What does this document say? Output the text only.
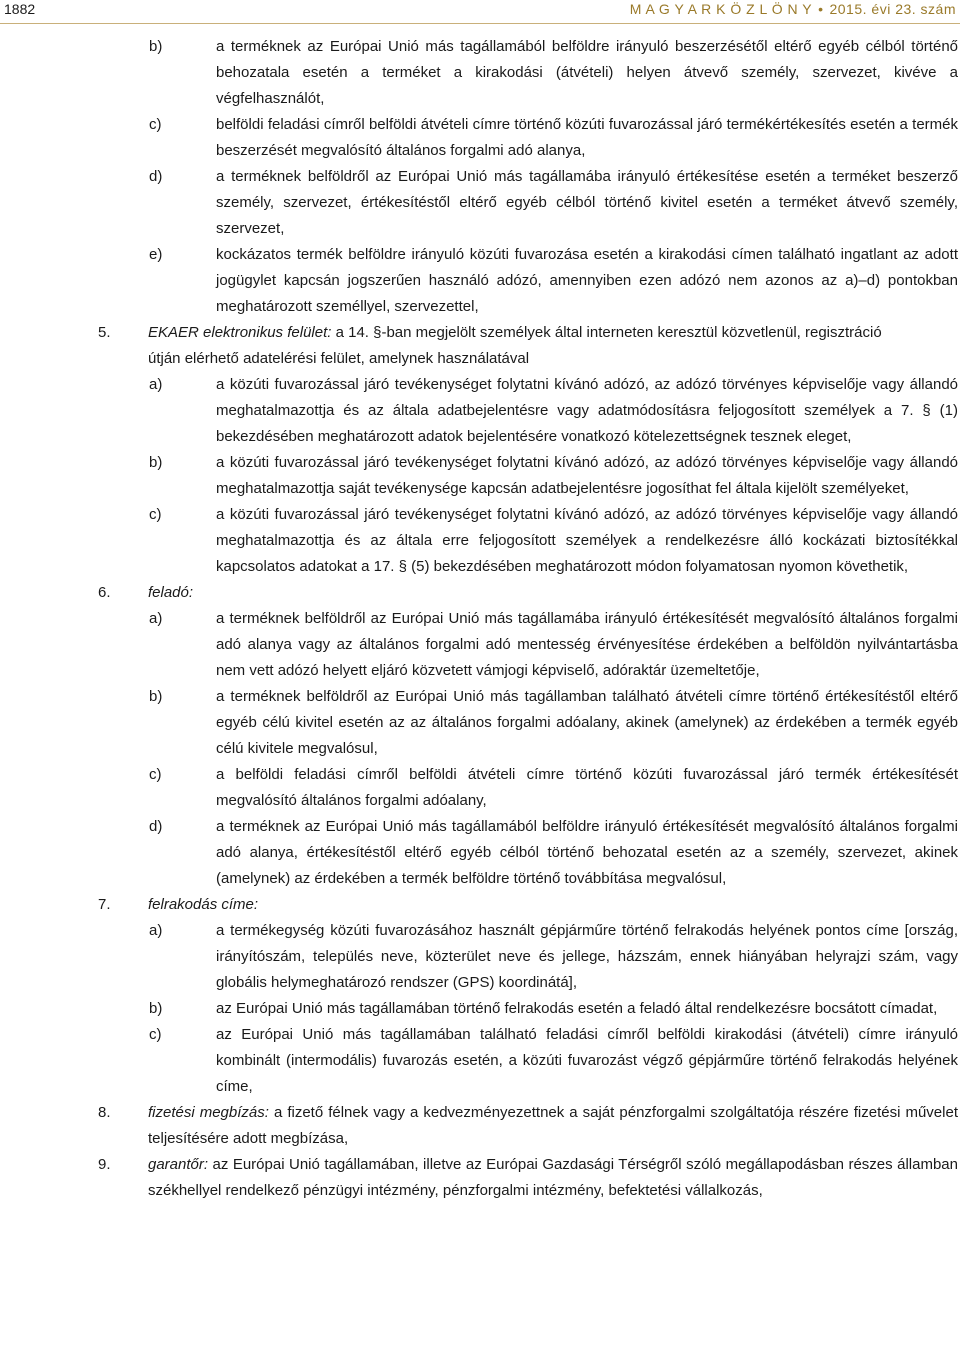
1882	M A G Y A R K Ö Z L Ö N Y • 2015. évi 23. szám
b)	a terméknek az Európai Unió más tagállamából belföldre irányuló beszerzésétől eltérő egyéb célból történő behozatala esetén a terméket a kirakodási (átvételi) helyen átvevő személy, szervezet, kivéve a végfelhasználót,
c)	belföldi feladási címről belföldi átvételi címre történő közúti fuvarozással járó termékértékesítés esetén a termék beszerzését megvalósító általános forgalmi adó alanya,
d)	a terméknek belföldről az Európai Unió más tagállamába irányuló értékesítése esetén a terméket beszerző személy, szervezet, értékesítéstől eltérő egyéb célból történő kivitel esetén a terméket átvevő személy, szervezet,
e)	kockázatos termék belföldre irányuló közúti fuvarozása esetén a kirakodási címen található ingatlant az adott jogügylet kapcsán jogszerűen használó adózó, amennyiben ezen adózó nem azonos az a)–d) pontokban meghatározott személlyel, szervezettel,
5.	EKAER elektronikus felület: a 14. §-ban megjelölt személyek által interneten keresztül közvetlenül, regisztráció
útján elérhető adatelérési felület, amelynek használatával
a)	a közúti fuvarozással járó tevékenységet folytatni kívánó adózó, az adózó törvényes képviselője vagy állandó meghatalmazottja és az általa adatbejelentésre vagy adatmódosításra feljogosított személyek a 7. § (1) bekezdésében meghatározott adatok bejelentésére vonatkozó kötelezettségnek tesznek eleget,
b)	a közúti fuvarozással járó tevékenységet folytatni kívánó adózó, az adózó törvényes képviselője vagy állandó meghatalmazottja saját tevékenysége kapcsán adatbejelentésre jogosíthat fel általa kijelölt személyeket,
c)	a közúti fuvarozással járó tevékenységet folytatni kívánó adózó, az adózó törvényes képviselője vagy állandó meghatalmazottja és az általa erre feljogosított személyek a rendelkezésre álló kockázati biztosítékkal kapcsolatos adatokat a 17. § (5) bekezdésében meghatározott módon folyamatosan nyomon követhetik,
6. feladó:
a)	a terméknek belföldről az Európai Unió más tagállamába irányuló értékesítését megvalósító általános forgalmi adó alanya vagy az általános forgalmi adó mentesség érvényesítése érdekében a belföldön nyilvántartásba nem vett adózó helyett eljáró közvetett vámjogi képviselő, adóraktár üzemeltetője,
b)	a terméknek belföldről az Európai Unió más tagállamban található átvételi címre történő értékesítéstől eltérő egyéb célú kivitel esetén az az általános forgalmi adóalany, akinek (amelynek) az érdekében a termék egyéb célú kivitele megvalósul,
c)	a belföldi feladási címről belföldi átvételi címre történő közúti fuvarozással járó termék értékesítését megvalósító általános forgalmi adóalany,
d)	a terméknek az Európai Unió más tagállamából belföldre irányuló értékesítését megvalósító általános forgalmi adó alanya, értékesítéstől eltérő egyéb célból történő behozatal esetén az a személy, szervezet, akinek (amelynek) az érdekében a termék belföldre történő továbbítása megvalósul,
7. felrakodás címe:
a)	a termékegység közúti fuvarozásához használt gépjárműre történő felrakodás helyének pontos címe [ország, irányítószám, település neve, közterület neve és jellege, házszám, ennek hiányában helyrajzi szám, vagy globális helymeghatározó rendszer (GPS) koordinátá],
b)	az Európai Unió más tagállamában történő felrakodás esetén a feladó által rendelkezésre bocsátott címadat,
c)	az Európai Unió más tagállamában található feladási címről belföldi kirakodási (átvételi) címre irányuló kombinált (intermodális) fuvarozás esetén, a közúti fuvarozást végző gépjárműre történő felrakodás helyének címe,
8. fizetési megbízás: a fizető félnek vagy a kedvezményezettnek a saját pénzforgalmi szolgáltatója részére fizetési művelet teljesítésére adott megbízása,
9. garantőr: az Európai Unió tagállamában, illetve az Európai Gazdasági Térségről szóló megállapodásban részes államban székhellyel rendelkező pénzügyi intézmény, pénzforgalmi intézmény, befektetési vállalkozás,
